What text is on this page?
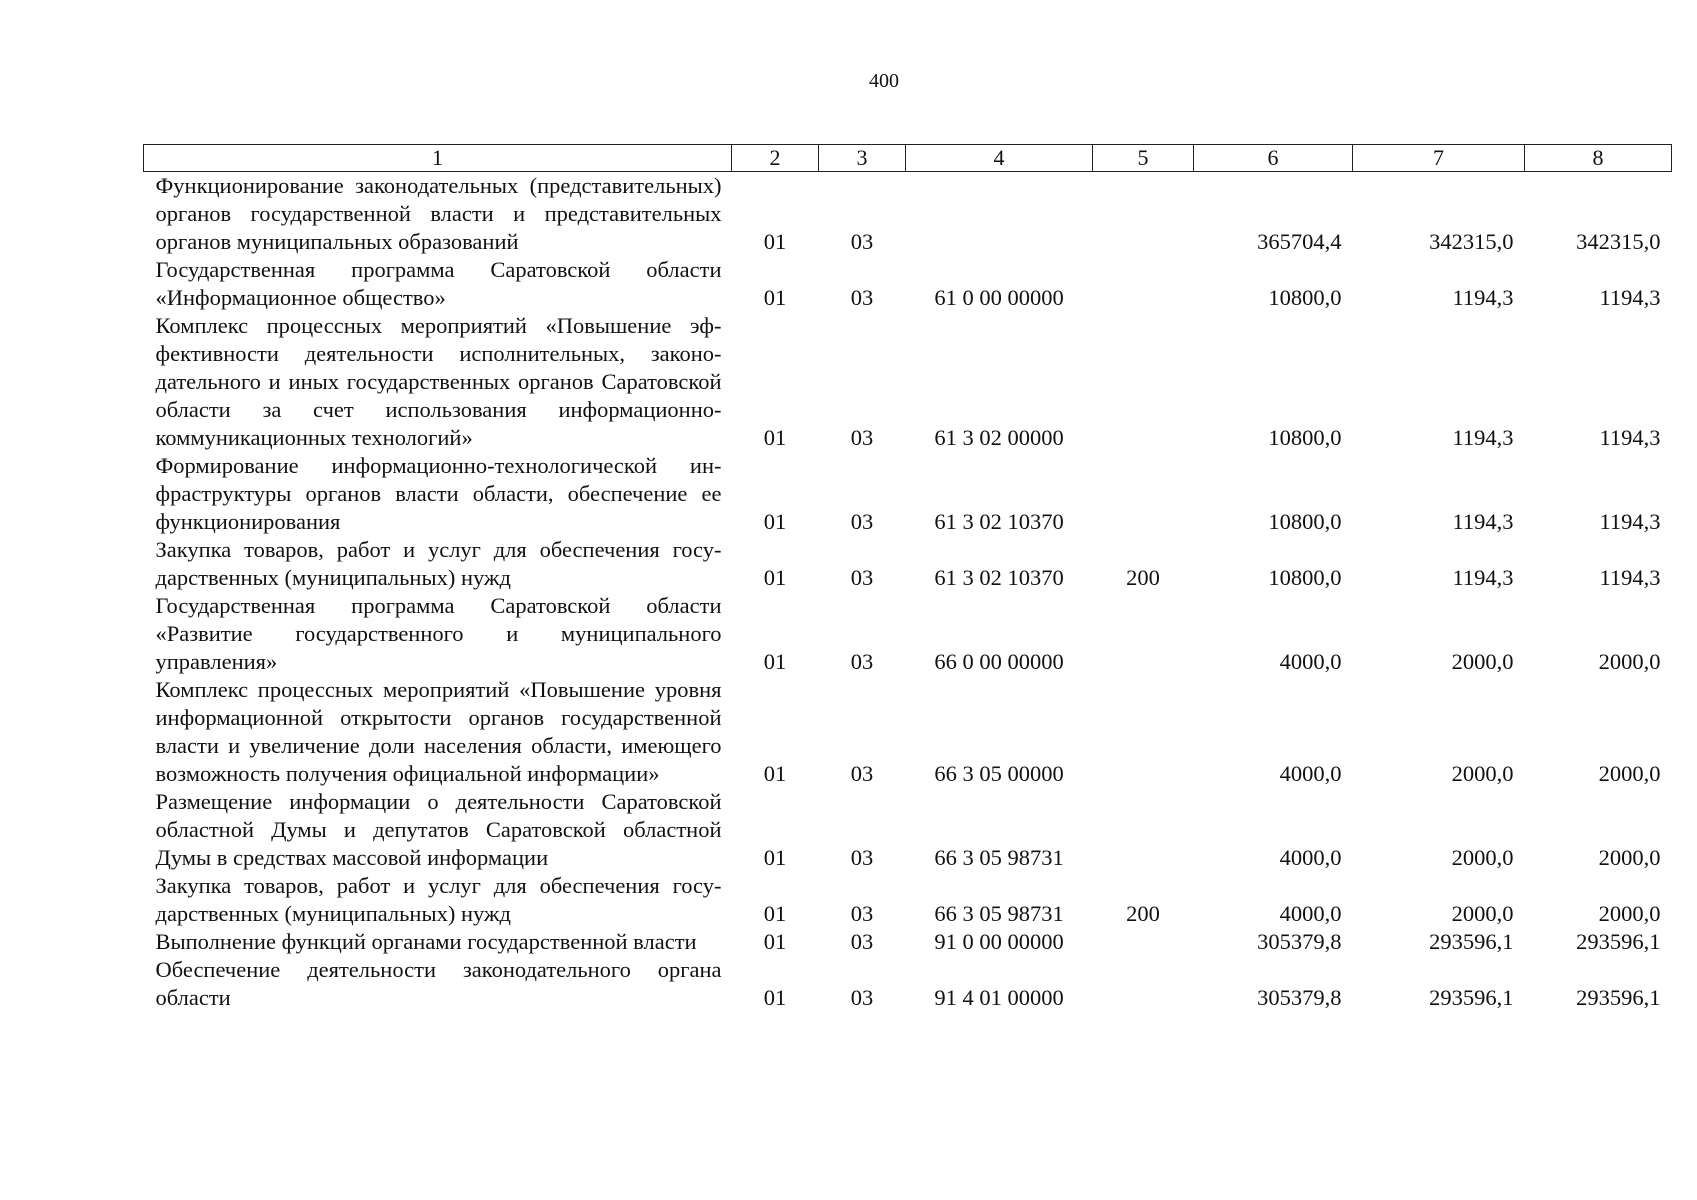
400
1	2	3	4	5	6	7	8
Функционирование законодательных (представительных) органов государственной власти и представительных органов муниципальных образований	01	03			365704,4	342315,0	342315,0
Государственная программа Саратовской области «Информационное общество»	01	03	61 0 00 00000		10800,0	1194,3	1194,3
Комплекс процессных мероприятий «Повышение эффективности деятельности исполнительных, законодательного и иных государственных органов Саратовской области за счет использования информационно-коммуникационных технологий»	01	03	61 3 02 00000		10800,0	1194,3	1194,3
Формирование информационно-технологической инфраструктуры органов власти области, обеспечение ее функционирования	01	03	61 3 02 10370		10800,0	1194,3	1194,3
Закупка товаров, работ и услуг для обеспечения государственных (муниципальных) нужд	01	03	61 3 02 10370	200	10800,0	1194,3	1194,3
Государственная программа Саратовской области «Развитие государственного и муниципального управления»	01	03	66 0 00 00000		4000,0	2000,0	2000,0
Комплекс процессных мероприятий «Повышение уровня информационной открытости органов государственной власти и увеличение доли населения области, имеющего возможность получения официальной информации»	01	03	66 3 05 00000		4000,0	2000,0	2000,0
Размещение информации о деятельности Саратовской областной Думы и депутатов Саратовской областной Думы в средствах массовой информации	01	03	66 3 05 98731		4000,0	2000,0	2000,0
Закупка товаров, работ и услуг для обеспечения государственных (муниципальных) нужд	01	03	66 3 05 98731	200	4000,0	2000,0	2000,0
Выполнение функций органами государственной власти	01	03	91 0 00 00000		305379,8	293596,1	293596,1
Обеспечение деятельности законодательного органа области	01	03	91 4 01 00000		305379,8	293596,1	293596,1
